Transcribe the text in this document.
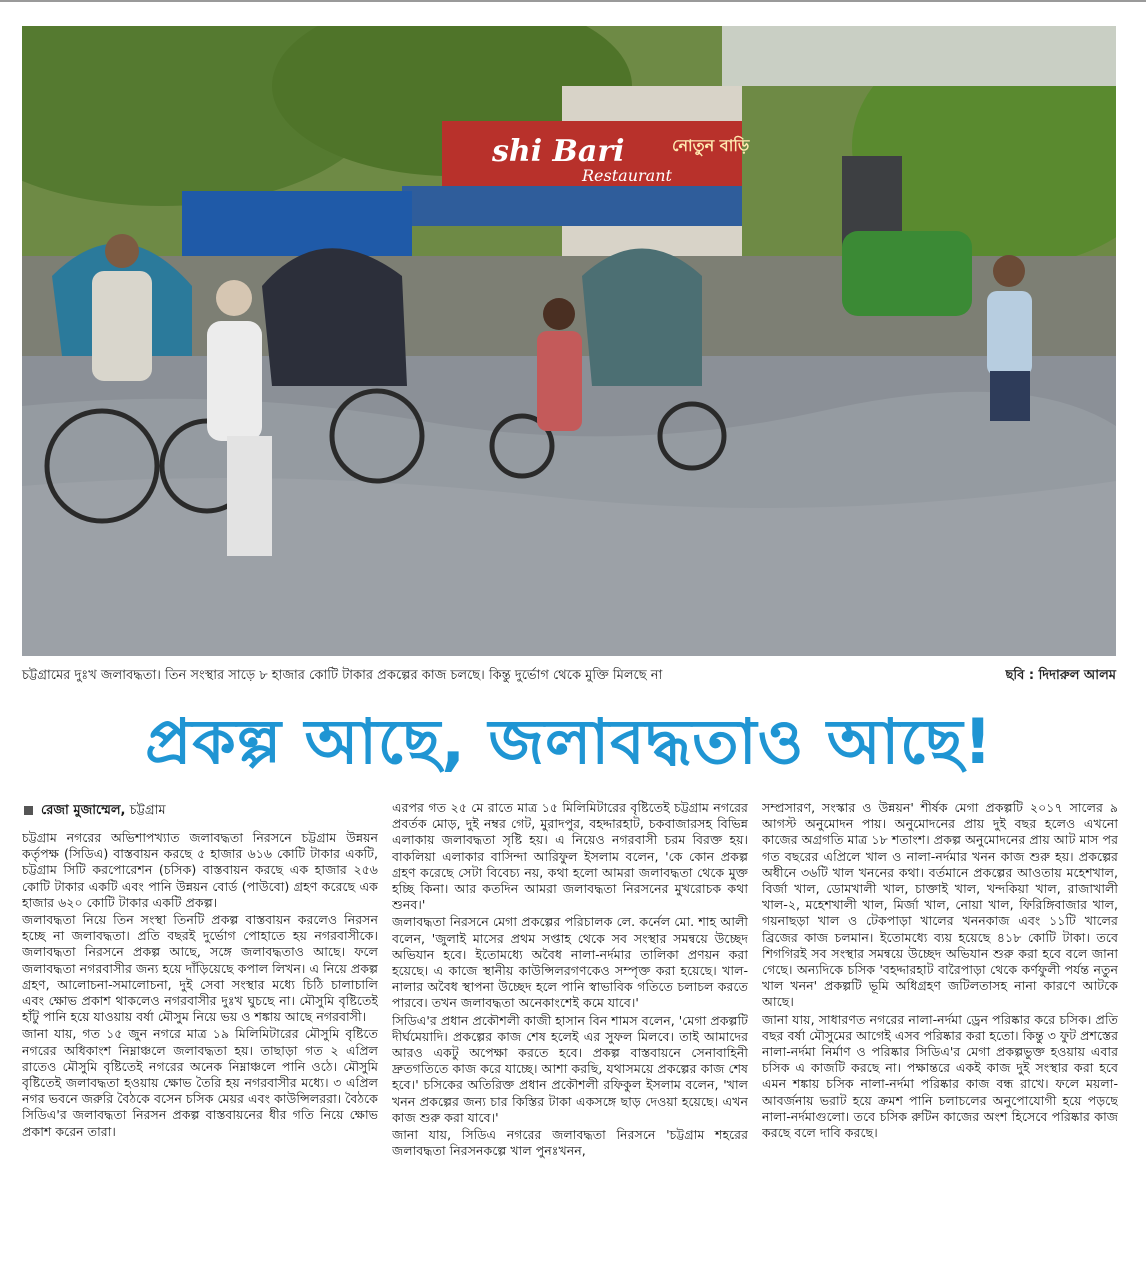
shi Bari
Restaurant
নোতুন বাড়ি
চট্টগ্রামের দুঃখ জলাবদ্ধতা। তিন সংস্থার সাড়ে ৮ হাজার কোটি টাকার প্রকল্পের কাজ চলছে। কিন্তু দুর্ভোগ থেকে মুক্তি মিলছে না	ছবি : দিদারুল আলম
প্রকল্প আছে, জলাবদ্ধতাও আছে!
রেজা মুজাম্মেল, চট্টগ্রাম

চট্টগ্রাম নগরের অভিশাপখ্যাত জলাবদ্ধতা নিরসনে চট্টগ্রাম উন্নয়ন কর্তৃপক্ষ (সিডিএ) বাস্তবায়ন করছে ৫ হাজার ৬১৬ কোটি টাকার একটি, চট্টগ্রাম সিটি করপোরেশন (চসিক) বাস্তবায়ন করছে এক হাজার ২৫৬ কোটি টাকার একটি এবং পানি উন্নয়ন বোর্ড (পাউবো) গ্রহণ করেছে এক হাজার ৬২০ কোটি টাকার একটি প্রকল্প।

জলাবদ্ধতা নিয়ে তিন সংস্থা তিনটি প্রকল্প বাস্তবায়ন করলেও নিরসন হচ্ছে না জলাবদ্ধতা। প্রতি বছরই দুর্ভোগ পোহাতে হয় নগরবাসীকে। জলাবদ্ধতা নিরসনে প্রকল্প আছে, সঙ্গে জলাবদ্ধতাও আছে। ফলে জলাবদ্ধতা নগরবাসীর জন্য হয়ে দাঁড়িয়েছে কপাল লিখন। এ নিয়ে প্রকল্প গ্রহণ, আলোচনা-সমালোচনা, দুই সেবা সংস্থার মধ্যে চিঠি চালাচালি এবং ক্ষোভ প্রকাশ থাকলেও নগরবাসীর দুঃখ ঘুচছে না। মৌসুমি বৃষ্টিতেই হাঁটু পানি হয়ে যাওয়ায় বর্ষা মৌসুম নিয়ে ভয় ও শঙ্কায় আছে নগরবাসী।

জানা যায়, গত ১৫ জুন নগরে মাত্র ১৯ মিলিমিটারের মৌসুমি বৃষ্টিতে নগরের অধিকাংশ নিম্নাঞ্চলে জলাবদ্ধতা হয়। তাছাড়া গত ২ এপ্রিল রাতেও মৌসুমি বৃষ্টিতেই নগরের অনেক নিম্নাঞ্চলে পানি ওঠে। মৌসুমি বৃষ্টিতেই জলাবদ্ধতা হওয়ায় ক্ষোভ তৈরি হয় নগরবাসীর মধ্যে। ৩ এপ্রিল নগর ভবনে জরুরি বৈঠকে বসেন চসিক মেয়র এবং কাউন্সিলররা। বৈঠকে সিডিএ'র জলাবদ্ধতা নিরসন প্রকল্প বাস্তবায়নের ধীর গতি নিয়ে ক্ষোভ প্রকাশ করেন তারা।

এরপর গত ২৫ মে রাতে মাত্র ১৫ মিলিমিটারের বৃষ্টিতেই চট্টগ্রাম নগরের প্রবর্তক মোড়, দুই নম্বর গেট, মুরাদপুর, বহদ্দারহাট, চকবাজারসহ বিভিন্ন এলাকায় জলাবদ্ধতা সৃষ্টি হয়। এ নিয়েও নগরবাসী চরম বিরক্ত হয়। বাকলিয়া এলাকার বাসিন্দা আরিফুল ইসলাম বলেন, 'কে কোন প্রকল্প গ্রহণ করেছে সেটা বিবেচ্য নয়, কথা হলো আমরা জলাবদ্ধতা থেকে মুক্ত হচ্ছি কিনা। আর কতদিন আমরা জলাবদ্ধতা নিরসনের মুখরোচক কথা শুনব।'

জলাবদ্ধতা নিরসনে মেগা প্রকল্পের পরিচালক লে. কর্নেল মো. শাহ আলী বলেন, 'জুলাই মাসের প্রথম সপ্তাহ থেকে সব সংস্থার সমন্বয়ে উচ্ছেদ অভিযান হবে। ইতোমধ্যে অবৈধ নালা-নর্দমার তালিকা প্রণয়ন করা হয়েছে। এ কাজে স্থানীয় কাউন্সিলরগণকেও সম্পৃক্ত করা হয়েছে। খাল-নালার অবৈধ স্থাপনা উচ্ছেদ হলে পানি স্বাভাবিক গতিতে চলাচল করতে পারবে। তখন জলাবদ্ধতা অনেকাংশেই কমে যাবে।'

সিডিএ'র প্রধান প্রকৌশলী কাজী হাসান বিন শামস বলেন, 'মেগা প্রকল্পটি দীর্ঘমেয়াদি। প্রকল্পের কাজ শেষ হলেই এর সুফল মিলবে। তাই আমাদের আরও একটু অপেক্ষা করতে হবে। প্রকল্প বাস্তবায়নে সেনাবাহিনী দ্রুতগতিতে কাজ করে যাচ্ছে। আশা করছি, যথাসময়ে প্রকল্পের কাজ শেষ হবে।' চসিকের অতিরিক্ত প্রধান প্রকৌশলী রফিকুল ইসলাম বলেন, 'খাল খনন প্রকল্পের জন্য চার কিস্তির টাকা একসঙ্গে ছাড় দেওয়া হয়েছে। এখন কাজ শুরু করা যাবে।'

জানা যায়, সিডিএ নগরের জলাবদ্ধতা নিরসনে 'চট্টগ্রাম শহরের জলাবদ্ধতা নিরসনকল্পে খাল পুনঃখনন,

সম্প্রসারণ, সংস্কার ও উন্নয়ন' শীর্ষক মেগা প্রকল্পটি ২০১৭ সালের ৯ আগস্ট অনুমোদন পায়। অনুমোদনের প্রায় দুই বছর হলেও এখনো কাজের অগ্রগতি মাত্র ১৮ শতাংশ। প্রকল্প অনুমোদনের প্রায় আট মাস পর গত বছরের এপ্রিলে খাল ও নালা-নর্দমার খনন কাজ শুরু হয়। প্রকল্পের অধীনে ৩৬টি খাল খননের কথা। বর্তমানে প্রকল্পের আওতায় মহেশখাল, বির্জা খাল, ডোমখালী খাল, চাক্তাই খাল, খন্দকিয়া খাল, রাজাখালী খাল-২, মহেশখালী খাল, মির্জা খাল, নোয়া খাল, ফিরিঙ্গিবাজার খাল, গয়নাছড়া খাল ও টেকপাড়া খালের খননকাজ এবং ১১টি খালের ব্রিজের কাজ চলমান। ইতোমধ্যে ব্যয় হয়েছে ৪১৮ কোটি টাকা। তবে শিগগিরই সব সংস্থার সমন্বয়ে উচ্ছেদ অভিযান শুরু করা হবে বলে জানা গেছে। অন্যদিকে চসিক 'বহদ্দারহাট বারৈপাড়া থেকে কর্ণফুলী পর্যন্ত নতুন খাল খনন' প্রকল্পটি ভূমি অধিগ্রহণ জটিলতাসহ নানা কারণে আটকে আছে।

জানা যায়, সাধারণত নগরের নালা-নর্দমা ড্রেন পরিষ্কার করে চসিক। প্রতি বছর বর্ষা মৌসুমের আগেই এসব পরিষ্কার করা হতো। কিন্তু ৩ ফুট প্রশস্তের নালা-নর্দমা নির্মাণ ও পরিষ্কার সিডিএ'র মেগা প্রকল্পভুক্ত হওয়ায় এবার চসিক এ কাজটি করছে না। পক্ষান্তরে একই কাজ দুই সংস্থার করা হবে এমন শঙ্কায় চসিক নালা-নর্দমা পরিষ্কার কাজ বন্ধ রাখে। ফলে ময়লা-আবর্জনায় ভরাট হয়ে ক্রমশ পানি চলাচলের অনুপোযোগী হয়ে পড়ছে নালা-নর্দমাগুলো। তবে চসিক রুটিন কাজের অংশ হিসেবে পরিষ্কার কাজ করছে বলে দাবি করছে।
